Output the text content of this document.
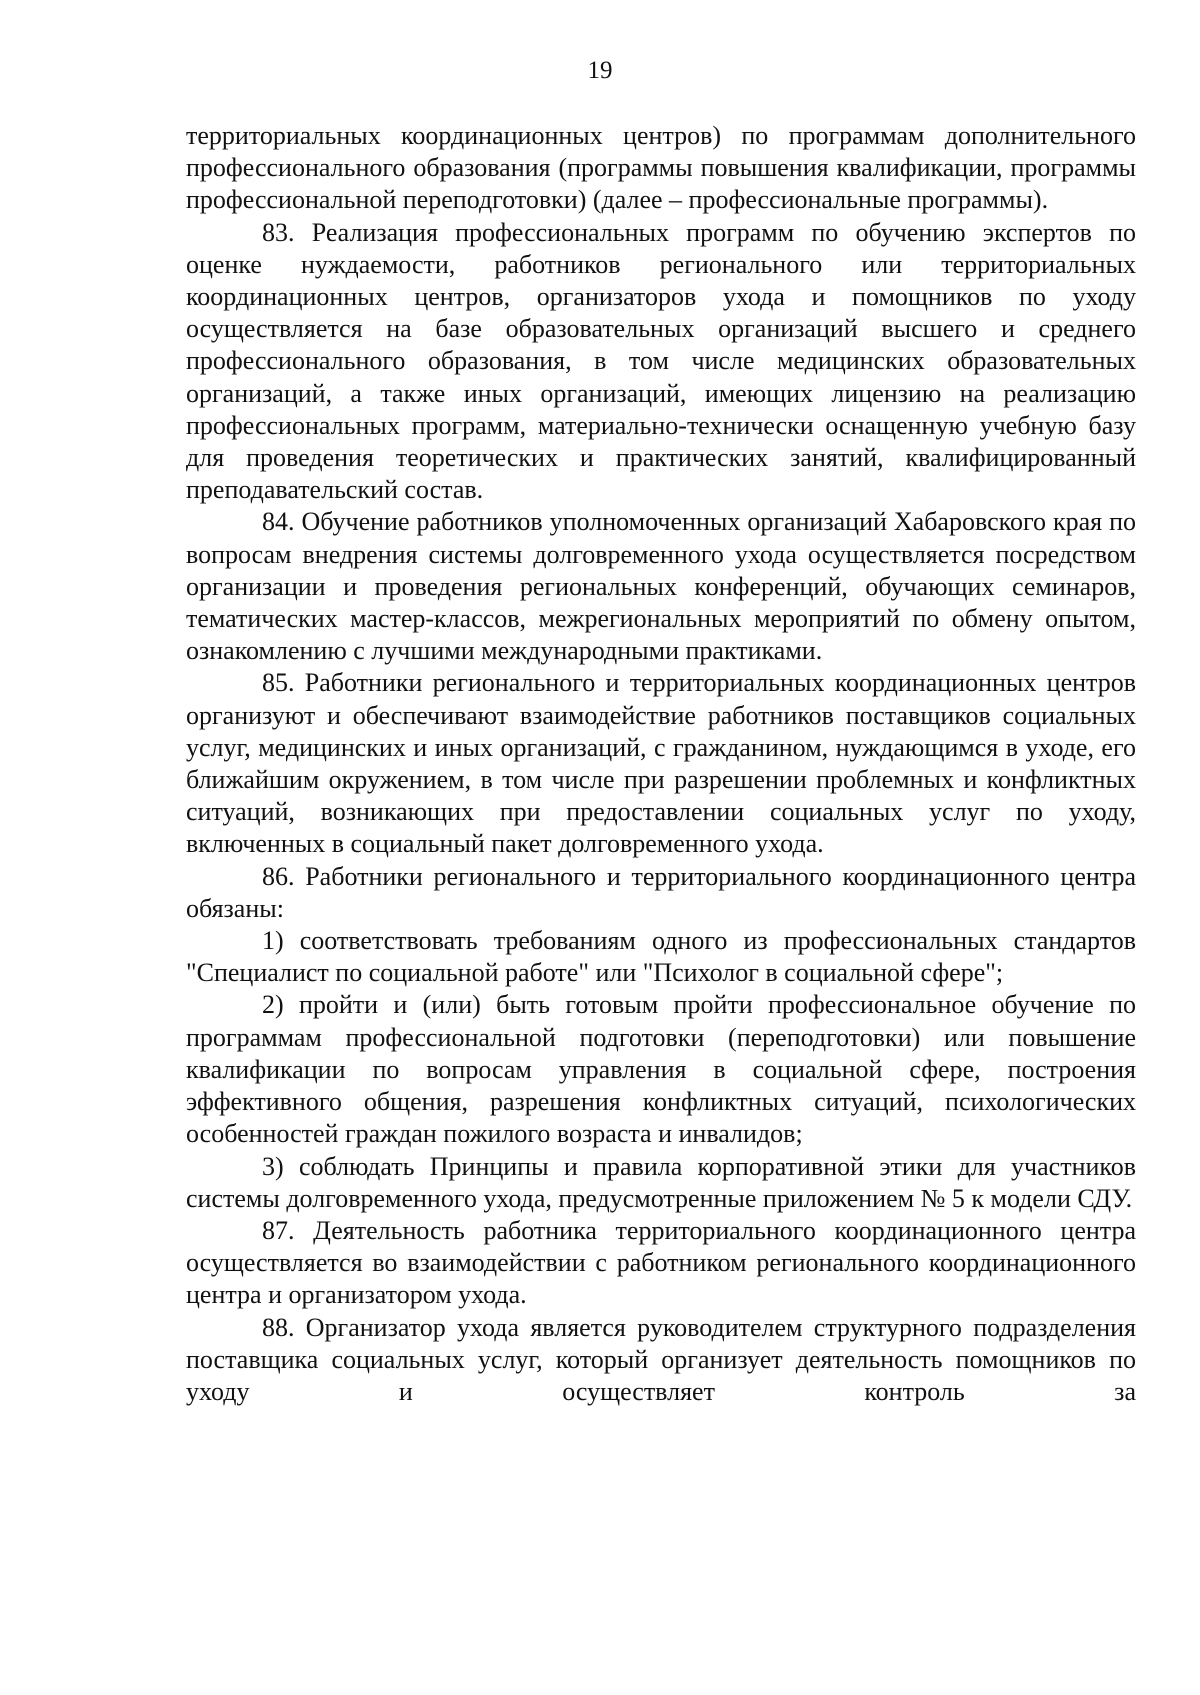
19

территориальных координационных центров) по программам дополнительного профессионального образования (программы повышения квалификации, программы профессиональной переподготовки) (далее – профессиональные программы).

83. Реализация профессиональных программ по обучению экспертов по оценке нуждаемости, работников регионального или территориальных координационных центров, организаторов ухода и помощников по уходу осуществляется на базе образовательных организаций высшего и среднего профессионального образования, в том числе медицинских образовательных организаций, а также иных организаций, имеющих лицензию на реализацию профессиональных программ, материально-технически оснащенную учебную базу для проведения теоретических и практических занятий, квалифицированный преподавательский состав.

84. Обучение работников уполномоченных организаций Хабаровского края по вопросам внедрения системы долговременного ухода осуществляется посредством организации и проведения региональных конференций, обучающих семинаров, тематических мастер-классов, межрегиональных мероприятий по обмену опытом, ознакомлению с лучшими международными практиками.

85. Работники регионального и территориальных координационных центров организуют и обеспечивают взаимодействие работников поставщиков социальных услуг, медицинских и иных организаций, с гражданином, нуждающимся в уходе, его ближайшим окружением, в том числе при разрешении проблемных и конфликтных ситуаций, возникающих при предоставлении социальных услуг по уходу, включенных в социальный пакет долговременного ухода.

86. Работники регионального и территориального координационного центра обязаны:

1) соответствовать требованиям одного из профессиональных стандартов "Специалист по социальной работе" или "Психолог в социальной сфере";

2) пройти и (или) быть готовым пройти профессиональное обучение по программам профессиональной подготовки (переподготовки) или повышение квалификации по вопросам управления в социальной сфере, построения эффективного общения, разрешения конфликтных ситуаций, психологических особенностей граждан пожилого возраста и инвалидов;

3) соблюдать Принципы и правила корпоративной этики для участников системы долговременного ухода, предусмотренные приложением № 5 к модели СДУ.

87. Деятельность работника территориального координационного центра осуществляется во взаимодействии с работником регионального координационного центра и организатором ухода.

88. Организатор ухода является руководителем структурного подразделения поставщика социальных услуг, который организует деятельность помощников по уходу и осуществляет контроль за
